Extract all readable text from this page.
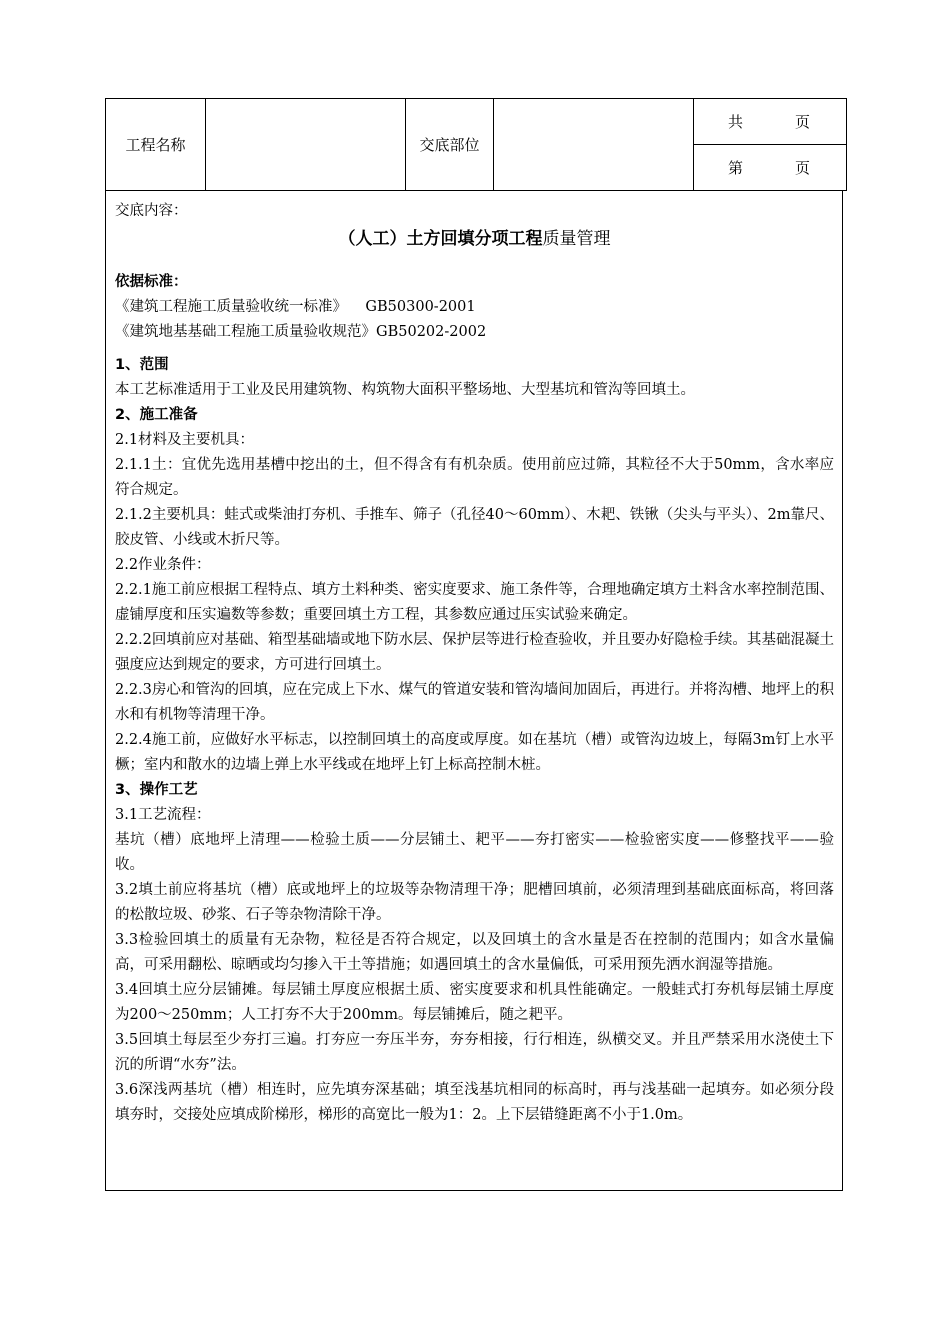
工程名称		交底部位		共	页
第	页
交底内容：
（人工）土方回填分项工程质量管理
依据标准：
《建筑工程施工质量验收统一标准》    GB50300-2001
《建筑地基基础工程施工质量验收规范》GB50202-2002
1、范围
本工艺标准适用于工业及民用建筑物、构筑物大面积平整场地、大型基坑和管沟等回填土。
2、施工准备
2.1材料及主要机具：
2.1.1土：宜优先选用基槽中挖出的土，但不得含有有机杂质。使用前应过筛，其粒径不大于50mm，含水率应符合规定。
2.1.2主要机具：蛙式或柴油打夯机、手推车、筛子（孔径40～60mm）、木耙、铁锹（尖头与平头）、2m靠尺、胶皮管、小线或木折尺等。
2.2作业条件：
2.2.1施工前应根据工程特点、填方土料种类、密实度要求、施工条件等，合理地确定填方土料含水率控制范围、虚铺厚度和压实遍数等参数；重要回填土方工程，其参数应通过压实试验来确定。
2.2.2回填前应对基础、箱型基础墙或地下防水层、保护层等进行检查验收，并且要办好隐检手续。其基础混凝土强度应达到规定的要求，方可进行回填土。
2.2.3房心和管沟的回填，应在完成上下水、煤气的管道安装和管沟墙间加固后，再进行。并将沟槽、地坪上的积水和有机物等清理干净。
2.2.4施工前，应做好水平标志，以控制回填土的高度或厚度。如在基坑（槽）或管沟边坡上，每隔3m钉上水平橛；室内和散水的边墙上弹上水平线或在地坪上钉上标高控制木桩。
3、操作工艺
3.1工艺流程：
基坑（槽）底地坪上清理——检验土质——分层铺土、耙平——夯打密实——检验密实度——修整找平——验收。
3.2填土前应将基坑（槽）底或地坪上的垃圾等杂物清理干净；肥槽回填前，必须清理到基础底面标高，将回落的松散垃圾、砂浆、石子等杂物清除干净。
3.3检验回填土的质量有无杂物，粒径是否符合规定，以及回填土的含水量是否在控制的范围内；如含水量偏高，可采用翻松、晾晒或均匀掺入干土等措施；如遇回填土的含水量偏低，可采用预先洒水润湿等措施。
3.4回填土应分层铺摊。每层铺土厚度应根据土质、密实度要求和机具性能确定。一般蛙式打夯机每层铺土厚度为200～250mm；人工打夯不大于200mm。每层铺摊后，随之耙平。
3.5回填土每层至少夯打三遍。打夯应一夯压半夯，夯夯相接，行行相连，纵横交叉。并且严禁采用水浇使土下沉的所谓“水夯”法。
3.6深浅两基坑（槽）相连时，应先填夯深基础；填至浅基坑相同的标高时，再与浅基础一起填夯。如必须分段填夯时，交接处应填成阶梯形，梯形的高宽比一般为1：2。上下层错缝距离不小于1.0m。
